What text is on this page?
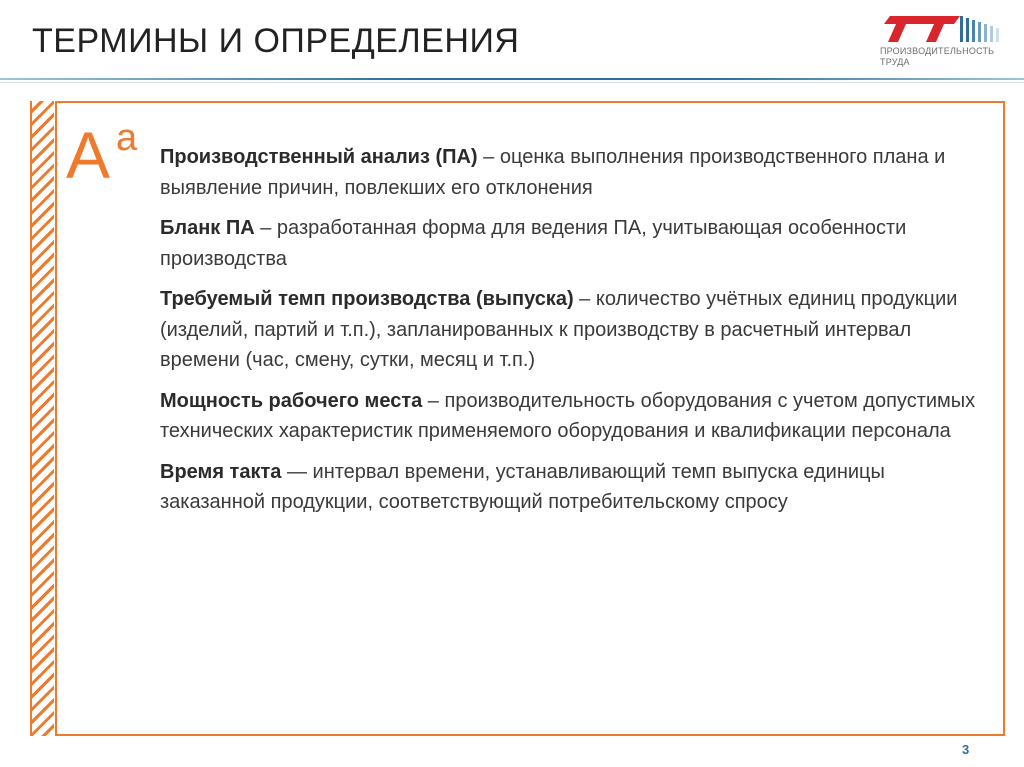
ТЕРМИНЫ И ОПРЕДЕЛЕНИЯ	ПРОИЗВОДИТЕЛЬНОСТЬ
ТРУДА
А а Производственный анализ (ПА) – оценка выполнения производственного плана и выявление причин, повлекших его отклонения
Бланк ПА – разработанная форма для ведения ПА, учитывающая особенности производства
Требуемый темп производства (выпуска) – количество учётных единиц продукции (изделий, партий и т.п.), запланированных к производству в расчетный интервал времени (час, смену, сутки, месяц и т.п.)
Мощность рабочего места – производительность оборудования с учетом допустимых технических характеристик применяемого оборудования и квалификации персонала
Время такта — интервал времени, устанавливающий темп выпуска единицы заказанной продукции, соответствующий потребительскому спросу
3
